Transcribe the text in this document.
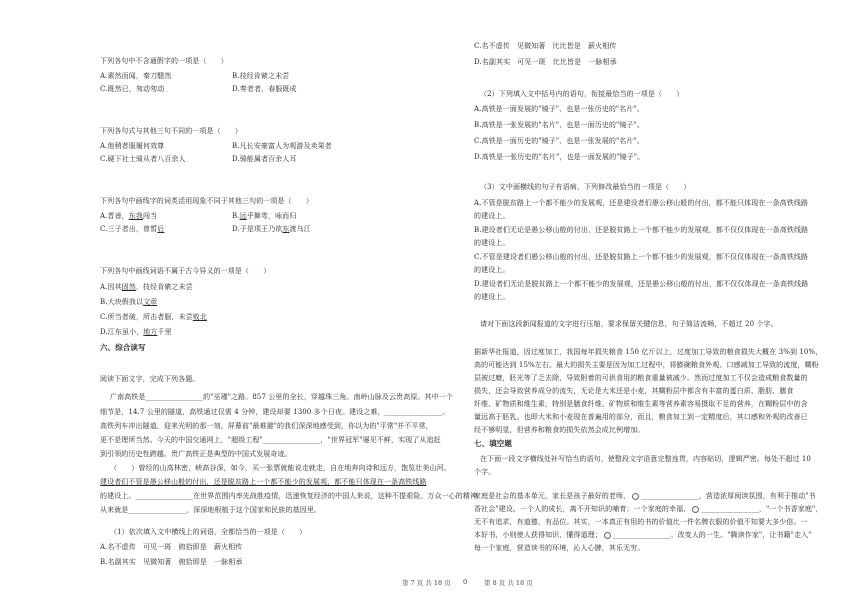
下列各句中不含通假字的一项是（　　）
A.素然而闻，秦刀騞然	B.技经肯綮之未尝
C.既然已，匆动匆动	D.奏者者，春服既成
下列各句式与其他三句不同的一项是（　　）
A.他稍者服履何效尊	B.凡长安豪富人为观游及卖果者
C.硬下社士骑从者八百余人	D.骑能属者百余人耳
下列各句中画线字的词类活用现象不同于其他三句的一项是（　　）
A.晋善，东我闯当	B.远乎舞雩，咏而归
C.三子者出，曾皙后	D.于是项王乃欲东渡乌江
下列各句中画线词语不属于古今异义的一项是（　　）
A.因其固然，技经肯綮之未尝
B.大块假我以文章
C.所当者破，所击者服，未尝败北
D.江东虽小，地方千里
六、综合读写
阅读下面文字，完成下列各题。
广南高铁是________________的"巫瑾"之路。857 公里的全长，穿越珠三角、南岭山脉及云贵高原。其中一个
细节是，14.7 公里的隧道，高铁通过仅需 4 分钟，建设却要 1300 多个日夜。建设之难，________________。
高铁列车冲出隧道，迎来光明的那一刻，屏幕前"最难避"的我们深深地感受到，你以为的"平常"并不平常，
更不是理所当然。今天的中国交通网上，"超级工程"________________，"世界冠军"屡见不鲜，实现了从追赶
到引领的历史性跨越。贵广高铁正是典型的中国式发展奇迹。
（　　）曾经的山高林密，峡高谷深，如今，买一张票就能说走就走，自在地奔向诗和远方，饱览壮美山河。
建设者们不管是愚公移山般的付出，还是脱贫路上一个都不能少的发展观，都不能只体现在一条高铁线路
的建设上。________________在世界范围内率先战胜疫情，迅速恢复经济的中国人来说，这种不提艰险、万众一心的精神
从来就是________________，深深地根植于这个国家和民族的基因里。
（1）依次填入文中横线上的词语，全都恰当的一项是（　　）
A.名不虚传　可见一斑　俯拾即是　薪火相传
B.名副其实　见微知著　俯拾即是　一脉相承
第 7 页 共 18 页 0
C.名不虚传　见微知著　比比皆是　薪火相传
D.名副其实　可见一斑　比比皆是　一脉相承
（2）下列填入文中括号内的语句，衔接最恰当的一项是（　　）
A.高铁是一面发展的"镜子"，也是一张历史的"名片"。
B.高铁是一张发展的"名片"，也是一面历史的"镜子"。
C.高铁是一面历史的"镜子"，也是一张发展的"名片"。
D.高铁是一张历史的"名片"，也是一面发展的"镜子"。
（3）文中画横线的句子有语病，下列修改最恰当的一项是（　　）
A.不管是脱贫路上一个都不能少的发展观，还是建设者们愚公移山般的付出，都不能只体现在一条高铁线路
的建设上。
B.建设者们无论是愚公移山般的付出，还是脱贫路上一个都不能少的发展观，都不仅仅体现在一条高铁线路
的建设上。
C.不管是建设者们愚公移山般的付出，还是脱贫路上一个都不能少的发展观，都不仅仅体现在一条高铁线路
的建设上。
D.建设者们无论是脱贫路上一个都不能少的发展观，还是愚公移山般的付出，都不仅仅体现在一条高铁线路
的建设上。
请对下面这段新闻报道的文字进行压缩，要求保留关键信息，句子简洁流畅，不超过 20 个字。
据新华社报道，因过度加工，我国每年损失粮食 150 亿斤以上，过度加工导致的粮食损失大概在 3%到 10%，
高的可能达到 15%左右。最大的损失主要是因为加工过程中，将膨碗粮食外观、口感减加工导致的流度，糊粉
层被过磨，胚光等了乏去除，导致附着的可供食用的粮食重量被减少。然而过度加工不仅会造成粮食数量的
损失，还会导致营养成分的流失，无论是大米还是小麦，其糊粉层中都含有丰富的蛋白质、脂肪、膳食
纤维、矿物质和维生素，特别是膳食纤维、矿物质和维生素等营养素容易摄取不足的营养，在糊粉层中的含
量远高于胚乳。也即大米和小麦现在普遍用的部分，而且，粮食加工到一定精度后，其口感和外观的改善已
经不够明显，但营养和粮食的损失依然会成比例增加。
七、填空题
在下面一段文字横线处补写恰当的语句，使整段文字语意完整连贯，内容贴切，逻辑严密。每处不超过 10
个字。
家庭是社会的基本单元，家长是孩子最好的老师， ________________，营造浓厚阅读氛围，有利于推动"书
香社会"建设。一个人的成长，离不开知识的哺育；一个家庭的幸福， ________________，"一个书香家庭"，
无不有追求，有道德，有品位。其实，一本真正有用的书的价值比一件名牌衣服的价值不知要大多少倍。一
本好书，小则使人获得知识，懂得道理； ________________。改变人的一生。"腾读作家"，让书籍"走入"
每一个家庭，营造读书的环境，沁人心脾，其乐无穷。
第 8 页 共 18 页
